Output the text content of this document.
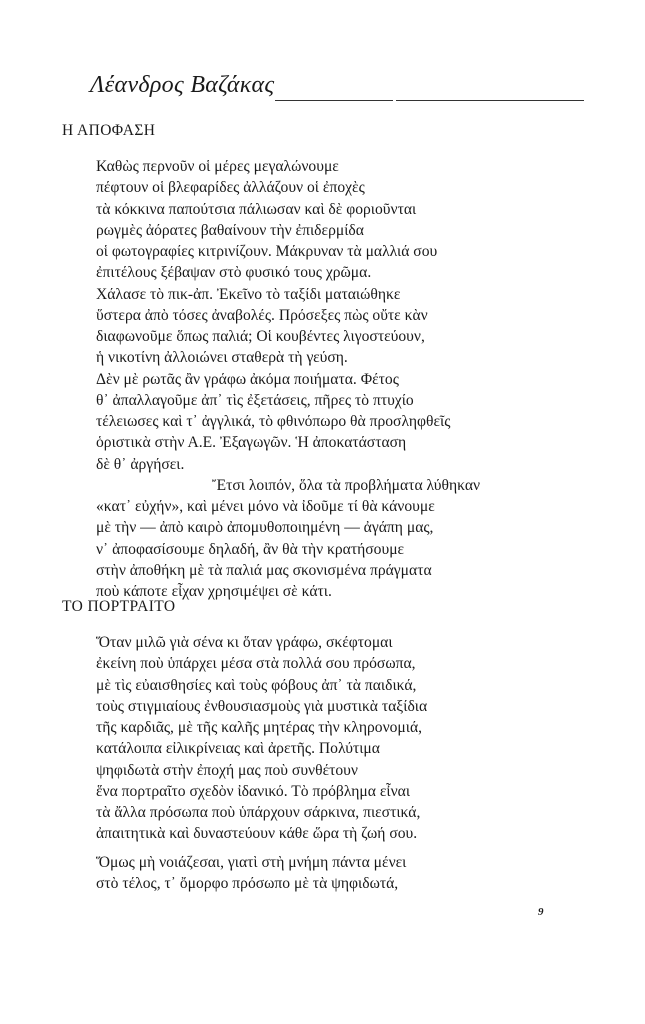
Λέανδρος Βαζάκας
Η ΑΠΟΦΑΣΗ
Καθὼς περνοῦν οἱ μέρες μεγαλώνουμε
πέφτουν οἱ βλεφαρίδες ἀλλάζουν οἱ ἐποχὲς
τὰ κόκκινα παπούτσια πάλιωσαν καὶ δὲ φοριοῦνται
ρωγμὲς ἀόρατες βαθαίνουν τὴν ἐπιδερμίδα
οἱ φωτογραφίες κιτρινίζουν. Μάκρυναν τὰ μαλλιά σου
ἐπιτέλους ξέβαψαν στὸ φυσικό τους χρῶμα.
Χάλασε τὸ πικ-ἀπ. Ἐκεῖνο τὸ ταξίδι ματαιώθηκε
ὕστερα ἀπὸ τόσες ἀναβολές. Πρόσεξες πὼς οὔτε κὰν
διαφωνοῦμε ὅπως παλιά; Οἱ κουβέντες λιγοστεύουν,
ἡ νικοτίνη ἀλλοιώνει σταθερὰ τὴ γεύση.
Δὲν μὲ ρωτᾶς ἂν γράφω ἀκόμα ποιήματα. Φέτος
θ᾽ ἀπαλλαγοῦμε ἀπ᾽ τὶς ἐξετάσεις, πῆρες τὸ πτυχίο
τέλειωσες καὶ τ᾽ ἀγγλικά, τὸ φθινόπωρο θὰ προσληφθεῖς
ὁριστικὰ στὴν Α.Ε. Ἐξαγωγῶν. Ἡ ἀποκατάσταση
δὲ θ᾽ ἀργήσει.
Ἔτσι λοιπόν, ὅλα τὰ προβλήματα λύθηκαν
«κατ᾽ εὐχήν», καὶ μένει μόνο νὰ ἰδοῦμε τί θὰ κάνουμε
μὲ τὴν — ἀπὸ καιρὸ ἀπομυθοποιημένη — ἀγάπη μας,
ν᾽ ἀποφασίσουμε δηλαδή, ἂν θὰ τὴν κρατήσουμε
στὴν ἀποθήκη μὲ τὰ παλιά μας σκονισμένα πράγματα
ποὺ κάποτε εἶχαν χρησιμέψει σὲ κάτι.
ΤΟ ΠΟΡΤΡΑΙΤΟ
Ὅταν μιλῶ γιὰ σένα κι ὅταν γράφω, σκέφτομαι
ἐκείνη ποὺ ὑπάρχει μέσα στὰ πολλά σου πρόσωπα,
μὲ τὶς εὐαισθησίες καὶ τοὺς φόβους ἀπ᾽ τὰ παιδικά,
τοὺς στιγμιαίους ἐνθουσιασμοὺς γιὰ μυστικὰ ταξίδια
τῆς καρδιᾶς, μὲ τῆς καλῆς μητέρας τὴν κληρονομιά,
κατάλοιπα εἰλικρίνειας καὶ ἀρετῆς. Πολύτιμα
ψηφιδωτὰ στὴν ἐποχή μας ποὺ συνθέτουν
ἕνα πορτραῖτο σχεδὸν ἰδανικό. Τὸ πρόβλημα εἶναι
τὰ ἄλλα πρόσωπα ποὺ ὑπάρχουν σάρκινα, πιεστικά,
ἀπαιτητικὰ καὶ δυναστεύουν κάθε ὥρα τὴ ζωή σου.
Ὅμως μὴ νοιάζεσαι, γιατὶ στὴ μνήμη πάντα μένει
στὸ τέλος, τ᾽ ὄμορφο πρόσωπο μὲ τὰ ψηφιδωτά,
9
